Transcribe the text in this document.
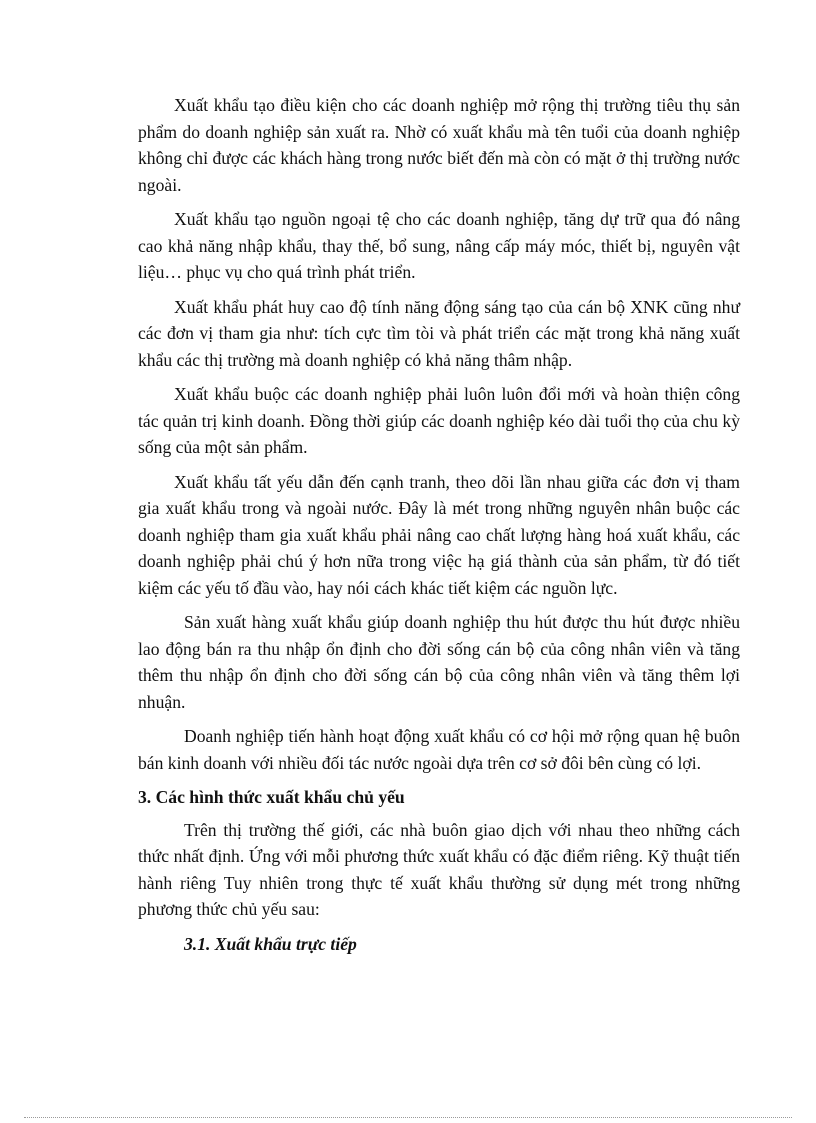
Xuất khẩu tạo điều kiện cho các doanh nghiệp mở rộng thị trường tiêu thụ sản phẩm do doanh nghiệp sản xuất ra. Nhờ có xuất khẩu mà tên tuổi của doanh nghiệp không chỉ được các khách hàng trong nước biết đến mà còn có mặt ở thị trường nước ngoài.

Xuất khẩu tạo nguồn ngoại tệ cho các doanh nghiệp, tăng dự trữ qua đó nâng cao khả năng nhập khẩu, thay thế, bổ sung, nâng cấp máy móc, thiết bị, nguyên vật liệu… phục vụ cho quá trình phát triển.

Xuất khẩu phát huy cao độ tính năng động sáng tạo của cán bộ XNK cũng như các đơn vị tham gia như: tích cực tìm tòi và phát triển các mặt trong khả năng xuất khẩu các thị trường mà doanh nghiệp có khả năng thâm nhập.

Xuất khẩu buộc các doanh nghiệp phải luôn luôn đổi mới và hoàn thiện công tác quản trị kinh doanh. Đồng thời giúp các doanh nghiệp kéo dài tuổi thọ của chu kỳ sống của một sản phẩm.

Xuất khẩu tất yếu dẫn đến cạnh tranh, theo dõi lần nhau giữa các đơn vị tham gia xuất khẩu trong và ngoài nước. Đây là mét trong những nguyên nhân buộc các doanh nghiệp tham gia xuất khẩu phải nâng cao chất lượng hàng hoá xuất khẩu, các doanh nghiệp phải chú ý hơn nữa trong việc hạ giá thành của sản phẩm, từ đó tiết kiệm các yếu tố đầu vào, hay nói cách khác tiết kiệm các nguồn lực.

Sản xuất hàng xuất khẩu giúp doanh nghiệp thu hút được thu hút được nhiều lao động bán ra thu nhập ổn định cho đời sống cán bộ của công nhân viên và tăng thêm thu nhập ổn định cho đời sống cán bộ của công nhân viên và tăng thêm lợi nhuận.

Doanh nghiệp tiến hành hoạt động xuất khẩu có cơ hội mở rộng quan hệ buôn bán kinh doanh với nhiều đối tác nước ngoài dựa trên cơ sở đôi bên cùng có lợi.

3. Các hình thức xuất khẩu chủ yếu

Trên thị trường thế giới, các nhà buôn giao dịch với nhau theo những cách thức nhất định. Ứng với mỗi phương thức xuất khẩu có đặc điểm riêng. Kỹ thuật tiến hành riêng Tuy nhiên trong thực tế xuất khẩu thường sử dụng mét trong những phương thức chủ yếu sau:

3.1. Xuất khẩu trực tiếp
